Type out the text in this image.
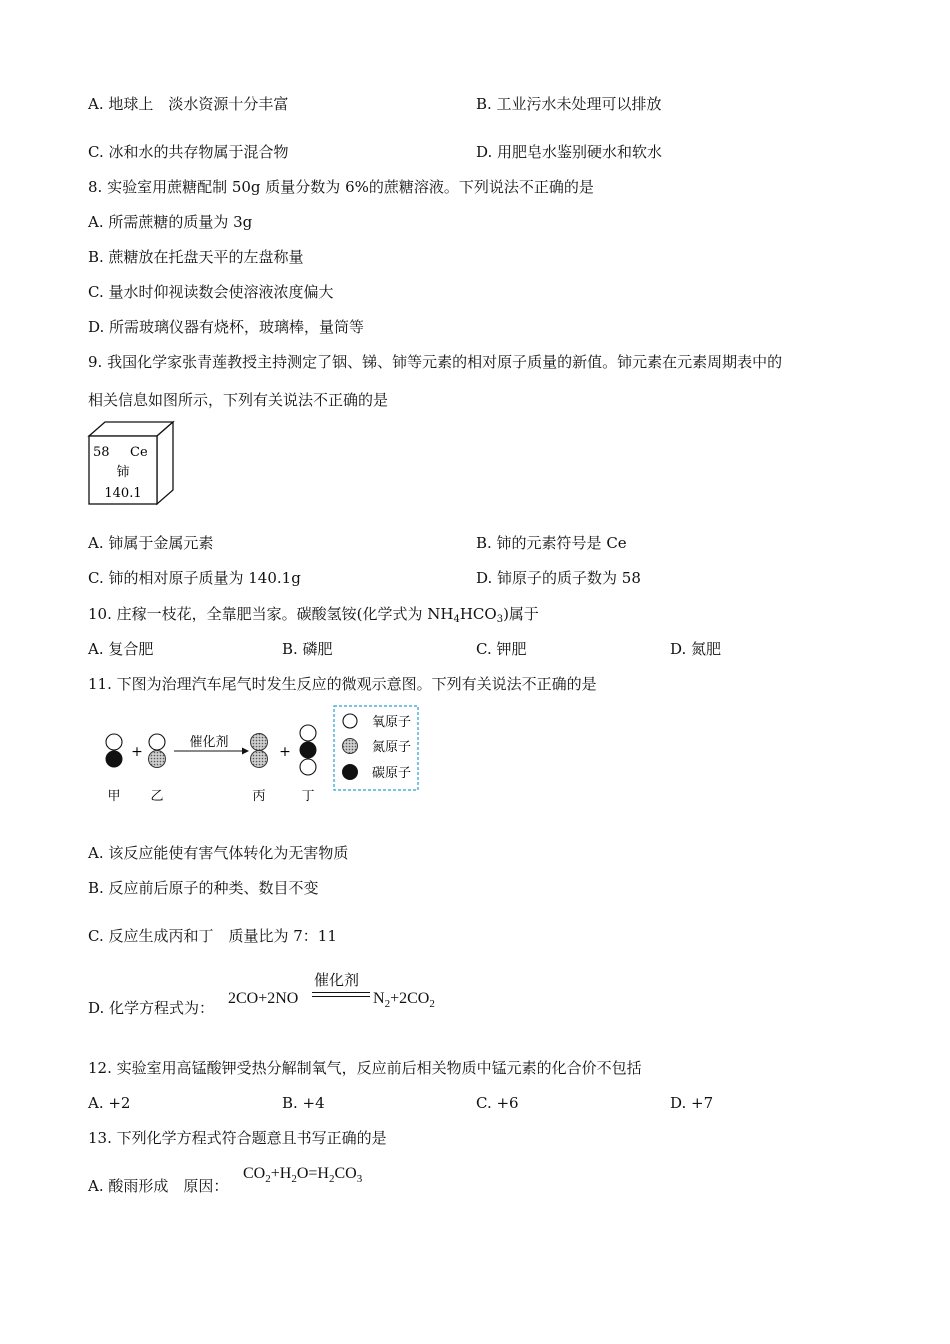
A. 地球上　淡水资源十分丰富	B. 工业污水未处理可以排放
C. 冰和水的共存物属于混合物	D. 用肥皂水鉴别硬水和软水
8. 实验室用蔗糖配制 50g 质量分数为 6%的蔗糖溶液。下列说法不正确的是
A. 所需蔗糖的质量为 3g
B. 蔗糖放在托盘天平的左盘称量
C. 量水时仰视读数会使溶液浓度偏大
D. 所需玻璃仪器有烧杯，玻璃棒，量筒等
9. 我国化学家张青莲教授主持测定了铟、锑、铈等元素的相对原子质量的新值。铈元素在元素周期表中的
相关信息如图所示，下列有关说法不正确的是
58 Ce
铈
140.1
A. 铈属于金属元素	B. 铈的元素符号是 Ce
C. 铈的相对原子质量为 140.1g	D. 铈原子的质子数为 58
10. 庄稼一枝花，全靠肥当家。碳酸氢铵(化学式为 $NH_4HCO_3$)属于
A. 复合肥	B. 磷肥	C. 钾肥	D. 氮肥
11. 下图为治理汽车尾气时发生反应的微观示意图。下列有关说法不正确的是
+
催化剂
+
甲 乙	丙	丁
氧原子
氮原子
碳原子
A. 该反应能使有害气体转化为无害物质
B. 反应前后原子的种类、数目不变
C. 反应生成丙和丁　质量比为 7：11
D. 化学方程式为：
2CO+2NO
催化剂
$N_2+2CO_2$
12. 实验室用高锰酸钾受热分解制氧气，反应前后相关物质中锰元素的化合价不包括
A. +2	B. +4	C. +6	D. +7
13. 下列化学方程式符合题意且书写正确的是
A. 酸雨形成　原因：
$CO_2+H_2O=H_2CO_3$
